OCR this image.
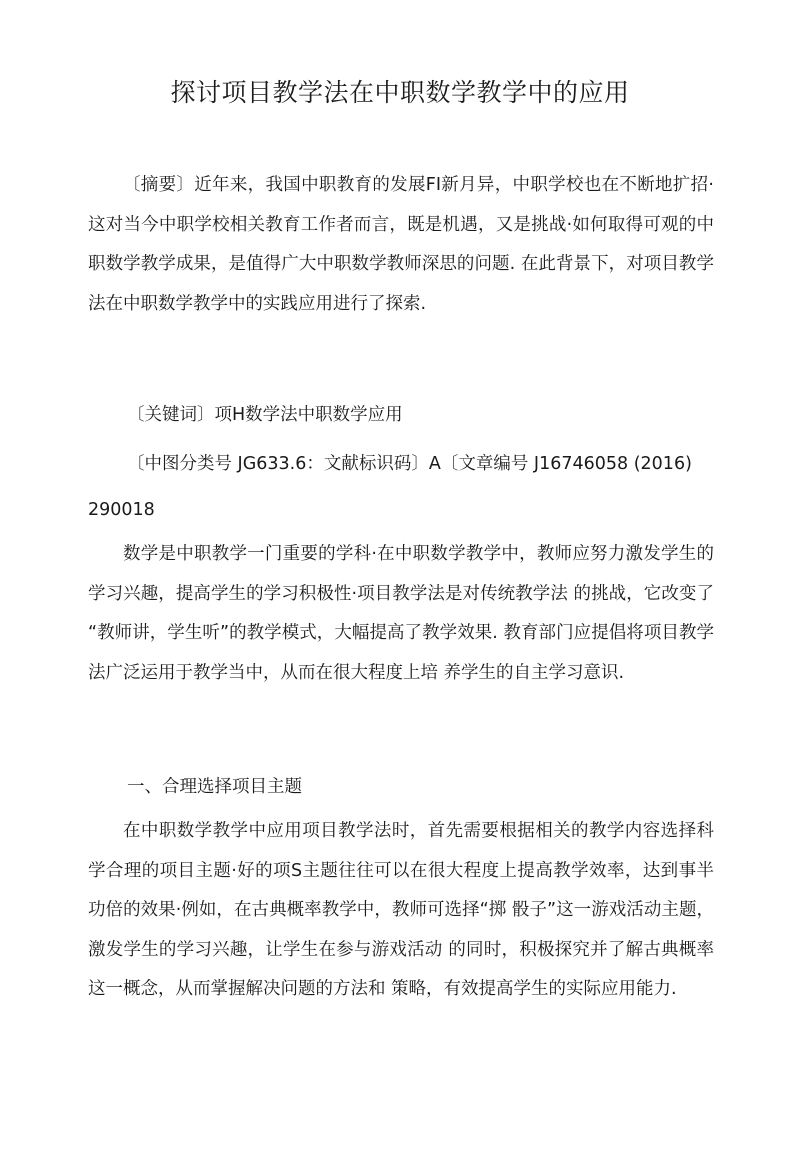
探讨项目教学法在中职数学教学中的应用

〔摘要〕近年来，我国中职教育的发展FI新月异，中职学校也在不断地扩招·这对当今中职学校相关教育工作者而言，既是机遇，又是挑战·如何取得可观的中职数学教学成果，是值得广大中职数学教师深思的问题. 在此背景下，对项目教学法在中职数学教学中的实践应用进行了探索.

〔关键词〕项H数学法中职数学应用
〔中图分类号 JG633.6：文献标识码〕A〔文章编号 J16746058 (2016)
290018

数学是中职教学一门重要的学科·在中职数学教学中，教师应努力激发学生的学习兴趣，提高学生的学习积极性·项目教学法是对传统教学法 的挑战，它改变了 “教师讲，学生听”的教学模式，大幅提高了教学效果. 教育部门应提倡将项目教学法广泛运用于教学当中，从而在很大程度上培 养学生的自主学习意识.

一、合理选择项目主题

在中职数学教学中应用项目教学法时，首先需要根据相关的教学内容选择科学合理的项目主题·好的项S主题往往可以在很大程度上提高教学效率，达到事半功倍的效果·例如，在古典概率教学中，教师可选择“掷 骰子”这一游戏活动主题，激发学生的学习兴趣，让学生在参与游戏活动 的同时，积极探究并了解古典概率这一概念，从而掌握解决问题的方法和 策略，有效提高学生的实际应用能力.
